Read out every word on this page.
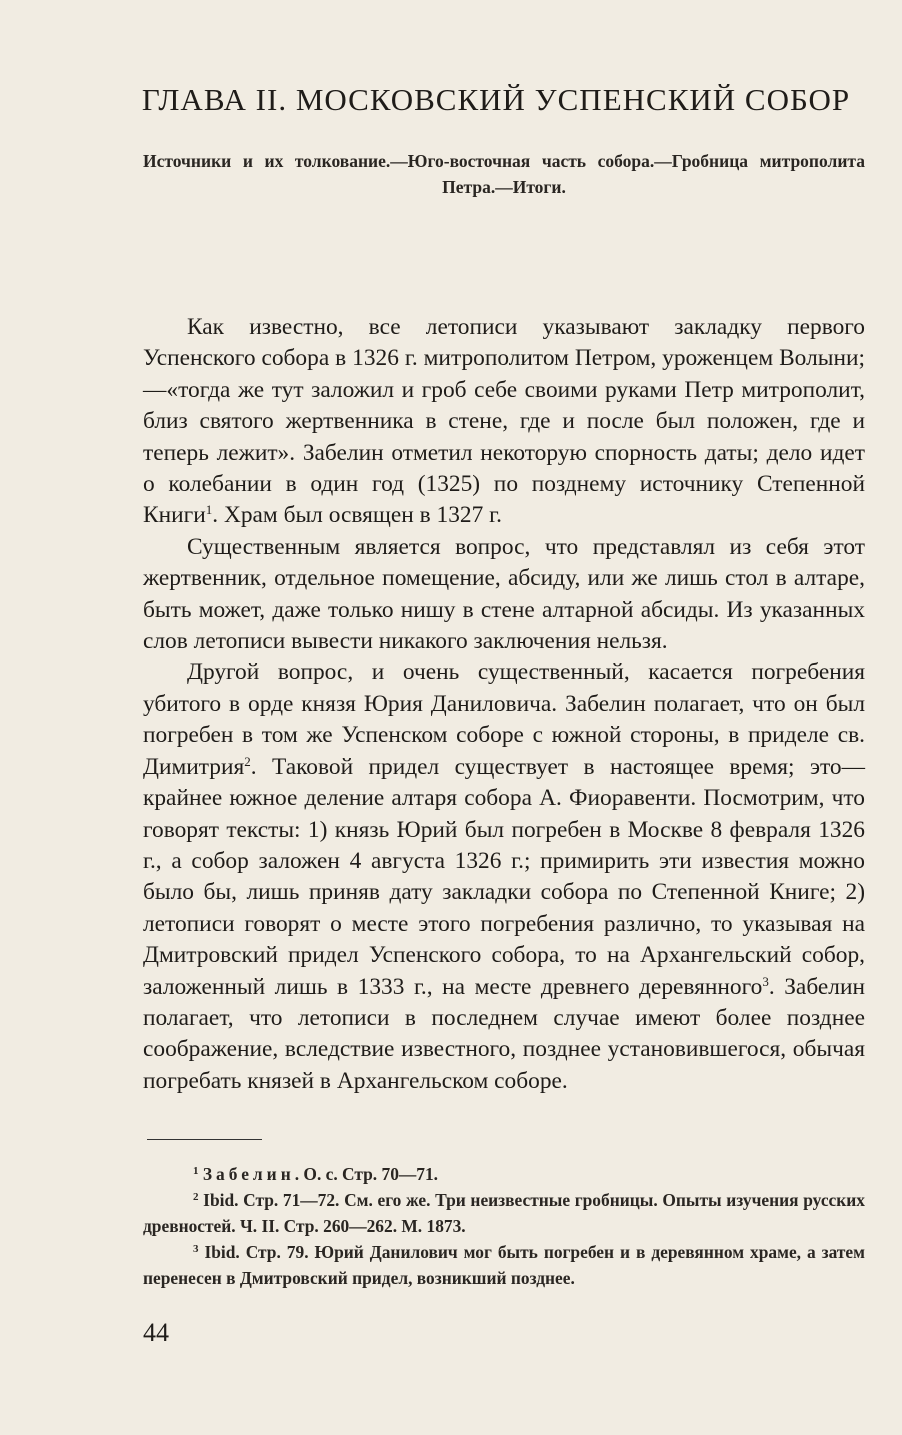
ГЛАВА II. МОСКОВСКИЙ УСПЕНСКИЙ СОБОР
Источники и их толкование.—Юго-восточная часть собора.—Гробница митрополита Петра.—Итоги.

Как известно, все летописи указывают закладку первого Успенского собора в 1326 г. митрополитом Петром, уроженцем Волыни;—«тогда же тут заложил и гроб себе своими руками Петр митрополит, близ святого жертвенника в стене, где и после был положен, где и теперь лежит». Забелин отметил некоторую спорность даты; дело идет о колебании в один год (1325) по позднему источнику Степенной Книги$^1$. Храм был освящен в 1327 г.

Существенным является вопрос, что представлял из себя этот жертвенник, отдельное помещение, абсиду, или же лишь стол в алтаре, быть может, даже только нишу в стене алтарной абсиды. Из указанных слов летописи вывести никакого заключения нельзя.

Другой вопрос, и очень существенный, касается погребения убитого в орде князя Юрия Даниловича. Забелин полагает, что он был погребен в том же Успенском соборе с южной стороны, в приделе св. Димитрия$^2$. Таковой придел существует в настоящее время; это—крайнее южное деление алтаря собора А. Фиоравенти. Посмотрим, что говорят тексты: 1) князь Юрий был погребен в Москве 8 февраля 1326 г., а собор заложен 4 августа 1326 г.; примирить эти известия можно было бы, лишь приняв дату закладки собора по Степенной Книге; 2) летописи говорят о месте этого погребения различно, то указывая на Дмитровский придел Успенского собора, то на Архангельский собор, заложенный лишь в 1333 г., на месте древнего деревянного$^3$. Забелин полагает, что летописи в последнем случае имеют более позднее соображение, вследствие известного, позднее установившегося, обычая погребать князей в Архангельском соборе.

$^1$ Забелин. О. с. Стр. 70—71.

$^2$ Ibid. Стр. 71—72. См. его же. Три неизвестные гробницы. Опыты изучения русских древностей. Ч. II. Стр. 260—262. М. 1873.

$^3$ Ibid. Стр. 79. Юрий Данилович мог быть погребен и в деревянном храме, а затем перенесен в Дмитровский придел, возникший позднее.

44
